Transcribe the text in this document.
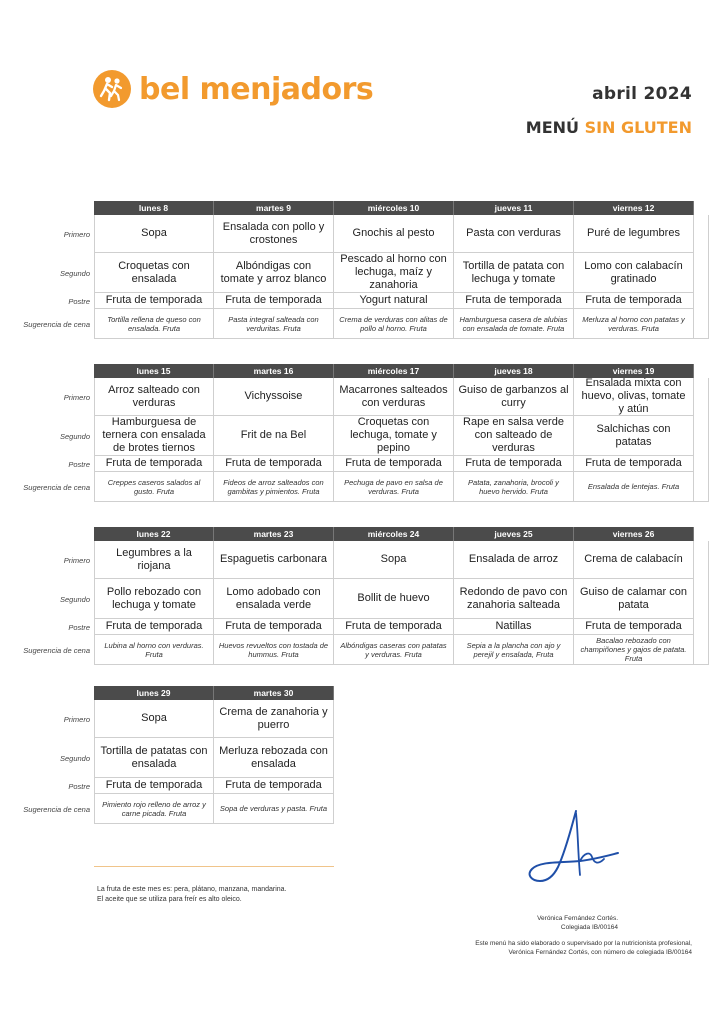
bel menjadors	abril 2024
MENÚ SIN GLUTEN
Primero
Segundo
Postre
Sugerencia de cena
lunes 8
Sopa
Croquetas con ensalada
Fruta de temporada
Tortilla rellena de queso con ensalada. Fruta
martes 9
Ensalada con pollo y crostones
Albóndigas con tomate y arroz blanco
Fruta de temporada
Pasta integral salteada con verduritas. Fruta
miércoles 10
Gnochis al pesto
Pescado al horno con lechuga, maíz y zanahoria
Yogurt natural
Crema de verduras con alitas de pollo al horno. Fruta
jueves 11
Pasta con verduras
Tortilla de patata con lechuga y tomate
Fruta de temporada
Hamburguesa casera de alubias con ensalada de tomate. Fruta
viernes 12
Puré de legumbres
Lomo con calabacín gratinado
Fruta de temporada
Merluza al horno con patatas y verduras. Fruta
Primero
Segundo
Postre
Sugerencia de cena
lunes 15
Arroz salteado con verduras
Hamburguesa de ternera con ensalada de brotes tiernos
Fruta de temporada
Creppes caseros salados al gusto. Fruta
martes 16
Vichyssoise
Frit de na Bel
Fruta de temporada
Fideos de arroz salteados con gambitas y pimientos. Fruta
miércoles 17
Macarrones salteados con verduras
Croquetas con lechuga, tomate y pepino
Fruta de temporada
Pechuga de pavo en salsa de verduras. Fruta
jueves 18
Guiso de garbanzos al curry
Rape en salsa verde con salteado de verduras
Fruta de temporada
Patata, zanahoria, brocoli y huevo hervido. Fruta
viernes 19
Ensalada mixta con huevo, olivas, tomate y atún
Salchichas con patatas
Fruta de temporada
Ensalada de lentejas. Fruta
Primero
Segundo
Postre
Sugerencia de cena
lunes 22
Legumbres a la riojana
Pollo rebozado con lechuga y tomate
Fruta de temporada
Lubina al horno con verduras. Fruta
martes 23
Espaguetis carbonara
Lomo adobado con ensalada verde
Fruta de temporada
Huevos revueltos con tostada de hummus. Fruta
miércoles 24
Sopa
Bollit de huevo
Fruta de temporada
Albóndigas caseras con patatas y verduras. Fruta
jueves 25
Ensalada de arroz
Redondo de pavo con zanahoria salteada
Natillas
Sepia a la plancha con ajo y perejil y ensalada, Fruta
viernes 26
Crema de calabacín
Guiso de calamar con patata
Fruta de temporada
Bacalao rebozado con champiñones y gajos de patata. Fruta
Primero
Segundo
Postre
Sugerencia de cena
lunes 29
Sopa
Tortilla de patatas con ensalada
Fruta de temporada
Pimiento rojo relleno de arroz y carne picada. Fruta
martes 30
Crema de zanahoria y puerro
Merluza rebozada con ensalada
Fruta de temporada
Sopa de verduras y pasta. Fruta
La fruta de este mes es: pera, plátano, manzana, mandarina.
El aceite que se utiliza para freír es alto oleico.
Verónica Fernández Cortés.
Colegiada IB/00164
Este menú ha sido elaborado o supervisado por la nutricionista profesional,
Verónica Fernández Cortés, con número de colegiada IB/00164
